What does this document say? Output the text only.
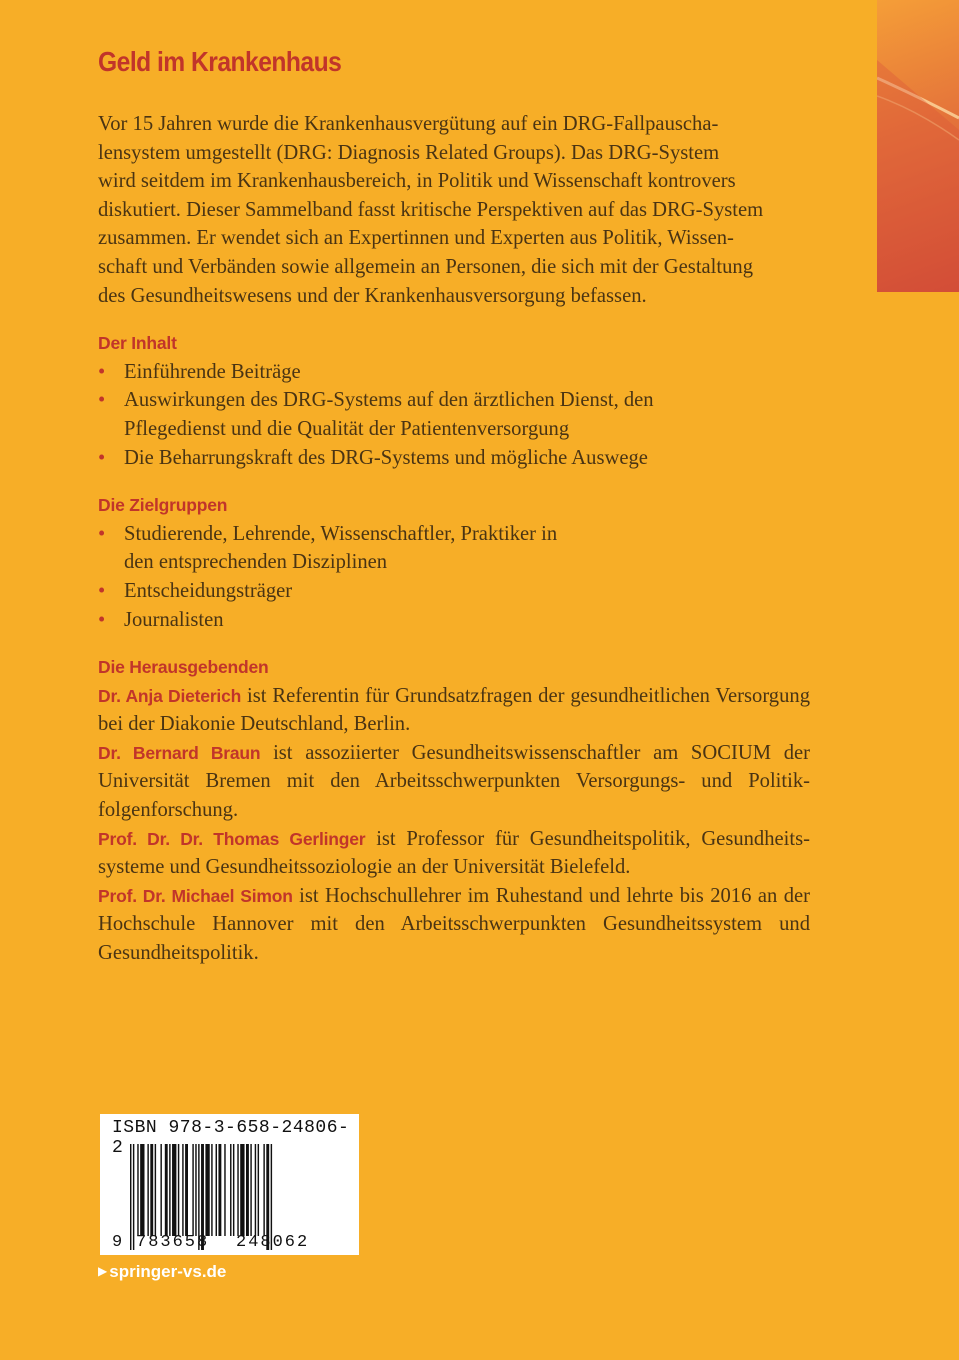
Geld im Krankenhaus

Vor 15 Jahren wurde die Krankenhausvergütung auf ein DRG-Fallpauscha-
lensystem umgestellt (DRG: Diagnosis Related Groups). Das DRG-System
wird seitdem im Krankenhausbereich, in Politik und Wissenschaft kontrovers
diskutiert. Dieser Sammelband fasst kritische Perspektiven auf das DRG-System
zusammen. Er wendet sich an Expertinnen und Experten aus Politik, Wissen-
schaft und Verbänden sowie allgemein an Personen, die sich mit der Gestaltung
des Gesundheitswesens und der Krankenhausversorgung befassen.

Der Inhalt
• Einführende Beiträge
• Auswirkungen des DRG-Systems auf den ärztlichen Dienst, den Pflegedienst und die Qualität der Patientenversorgung
• Die Beharrungskraft des DRG-Systems und mögliche Auswege
Die Zielgruppen
• Studierende, Lehrende, Wissenschaftler, Praktiker in den entsprechenden Disziplinen
• Entscheidungsträger
• Journalisten
Die Herausgebenden

Dr. Anja Dieterich ist Referentin für Grundsatzfragen der gesundheitlichen Versorgung bei der Diakonie Deutschland, Berlin.

Dr. Bernard Braun ist assoziierter Gesundheitswissenschaftler am SOCIUM der Universität Bremen mit den Arbeitsschwerpunkten Versorgungs- und Politikfolgenforschung.

Prof. Dr. Dr. Thomas Gerlinger ist Professor für Gesundheitspolitik, Gesundheitssysteme und Gesundheitssoziologie an der Universität Bielefeld.

Prof. Dr. Michael Simon ist Hochschullehrer im Ruhestand und lehrte bis 2016 an der Hochschule Hannover mit den Arbeitsschwerpunkten Gesundheitssystem und Gesundheitspolitik.

ISBN 978-3-658-24806-2

9 783658 248062
▶ springer-vs.de
